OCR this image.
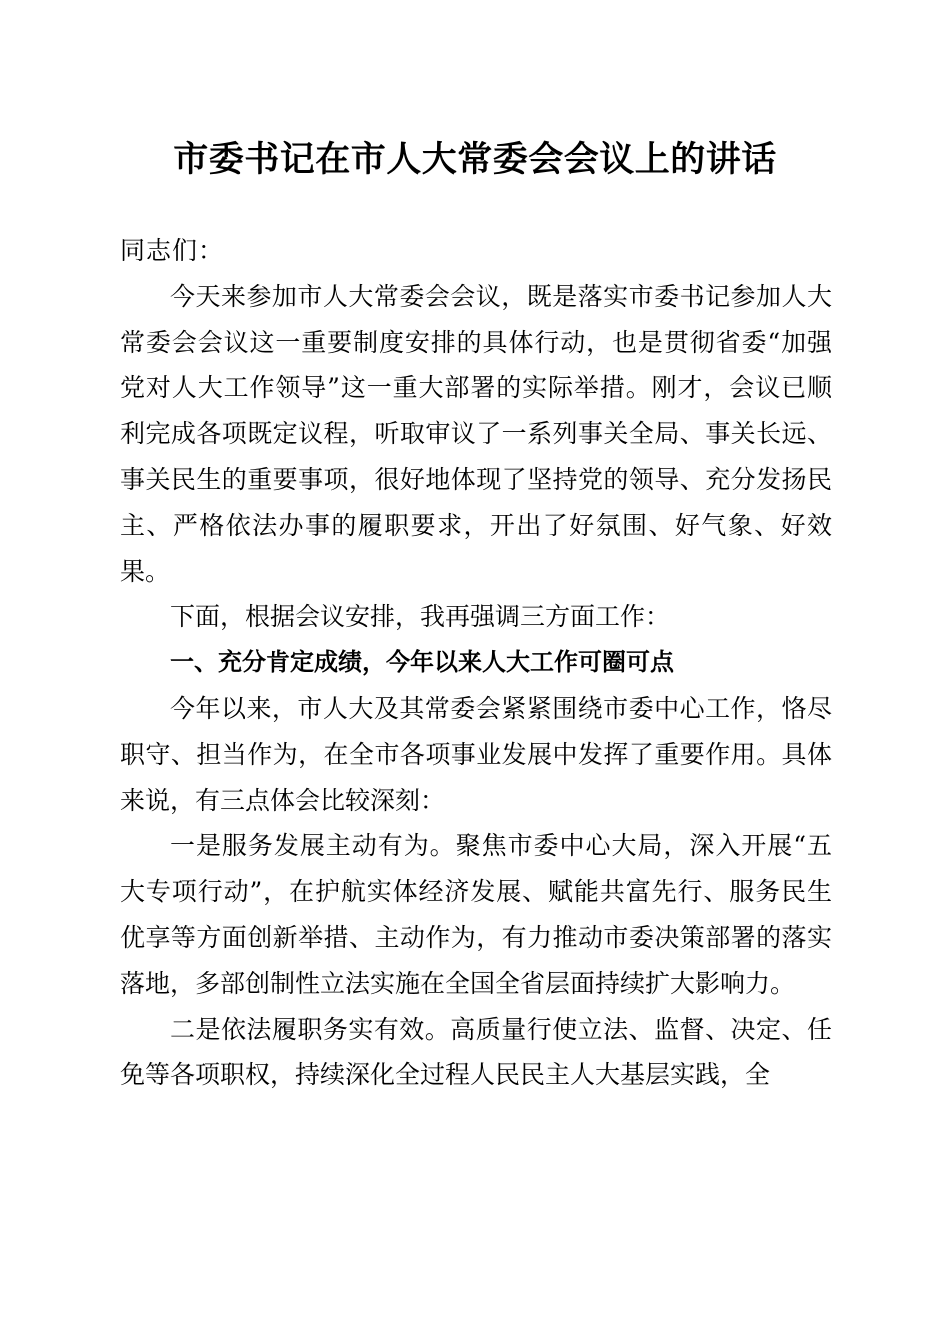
市委书记在市人大常委会会议上的讲话

同志们：

今天来参加市人大常委会会议，既是落实市委书记参加人大常委会会议这一重要制度安排的具体行动，也是贯彻省委“加强党对人大工作领导”这一重大部署的实际举措。刚才，会议已顺利完成各项既定议程，听取审议了一系列事关全局、事关长远、事关民生的重要事项，很好地体现了坚持党的领导、充分发扬民主、严格依法办事的履职要求，开出了好氛围、好气象、好效果。

下面，根据会议安排，我再强调三方面工作：

一、充分肯定成绩，今年以来人大工作可圈可点

今年以来，市人大及其常委会紧紧围绕市委中心工作，恪尽职守、担当作为，在全市各项事业发展中发挥了重要作用。具体来说，有三点体会比较深刻：

一是服务发展主动有为。聚焦市委中心大局，深入开展“五大专项行动”，在护航实体经济发展、赋能共富先行、服务民生优享等方面创新举措、主动作为，有力推动市委决策部署的落实落地，多部创制性立法实施在全国全省层面持续扩大影响力。

二是依法履职务实有效。高质量行使立法、监督、决定、任免等各项职权，持续深化全过程人民民主人大基层实践，全
